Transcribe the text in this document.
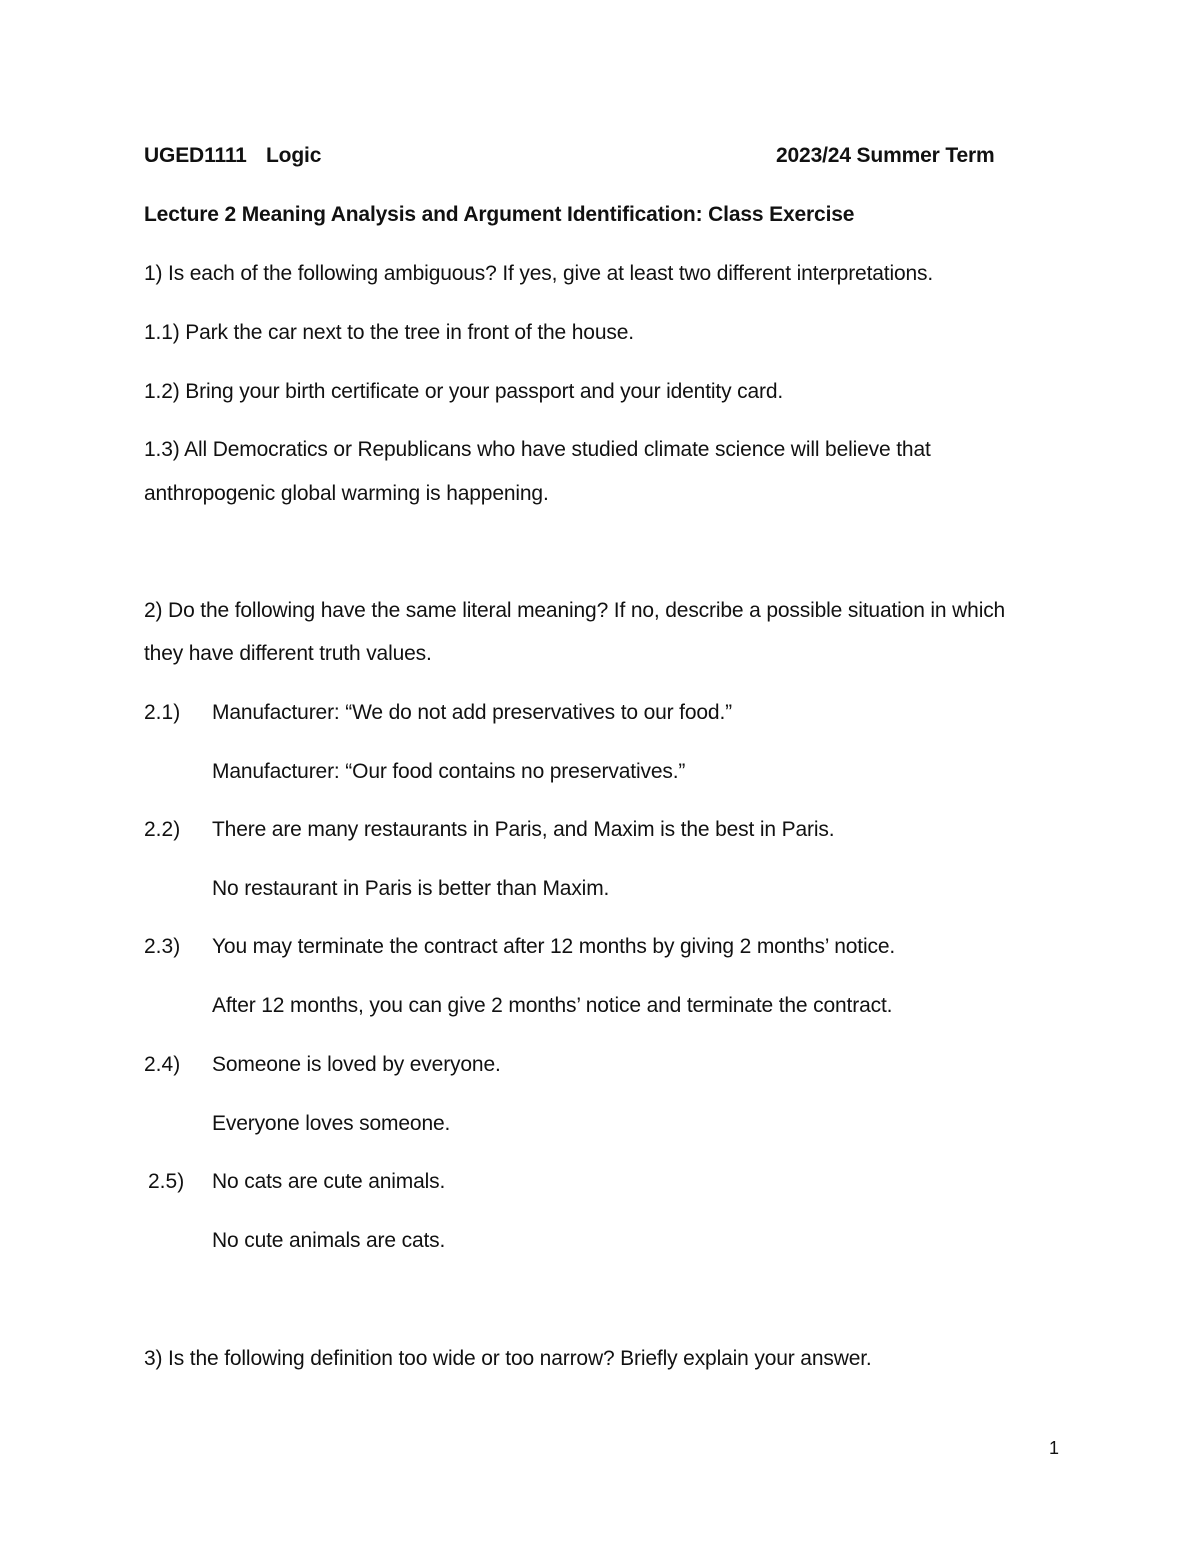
UGED1111 Logic	2023/24 Summer Term
Lecture 2 Meaning Analysis and Argument Identification: Class Exercise
1) Is each of the following ambiguous? If yes, give at least two different interpretations.
1.1) Park the car next to the tree in front of the house.
1.2) Bring your birth certificate or your passport and your identity card.
1.3) All Democratics or Republicans who have studied climate science will believe that
anthropogenic global warming is happening.
2) Do the following have the same literal meaning? If no, describe a possible situation in which
they have different truth values.
2.1) Manufacturer: “We do not add preservatives to our food.”
Manufacturer: “Our food contains no preservatives.”
2.2) There are many restaurants in Paris, and Maxim is the best in Paris.
No restaurant in Paris is better than Maxim.
2.3) You may terminate the contract after 12 months by giving 2 months’ notice.
After 12 months, you can give 2 months’ notice and terminate the contract.
2.4) Someone is loved by everyone.
Everyone loves someone.
2.5) No cats are cute animals.
No cute animals are cats.
3) Is the following definition too wide or too narrow? Briefly explain your answer.
1
